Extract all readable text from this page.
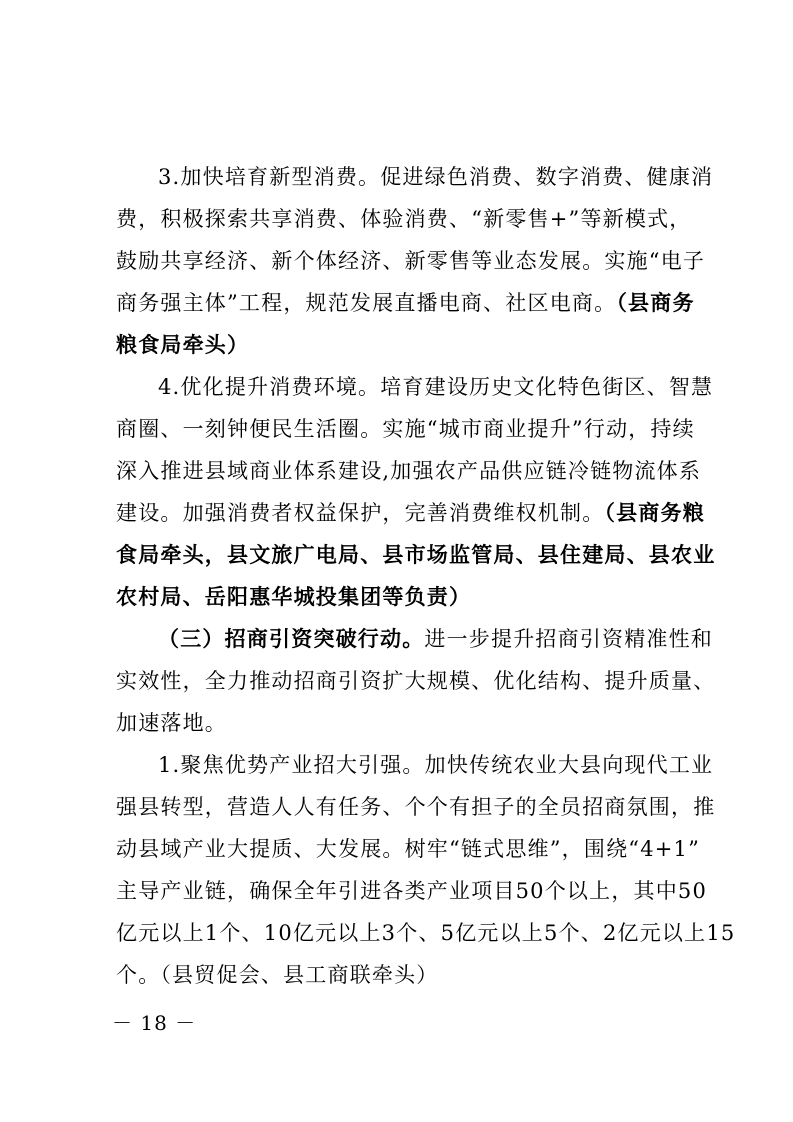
3.加快培育新型消费。促进绿色消费、数字消费、健康消
费，积极探索共享消费、体验消费、“新零售+”等新模式，
鼓励共享经济、新个体经济、新零售等业态发展。实施“电子
商务强主体”工程，规范发展直播电商、社区电商。（县商务
粮食局牵头）
4.优化提升消费环境。培育建设历史文化特色街区、智慧
商圈、一刻钟便民生活圈。实施“城市商业提升”行动，持续
深入推进县域商业体系建设,加强农产品供应链冷链物流体系
建设。加强消费者权益保护，完善消费维权机制。（县商务粮
食局牵头，县文旅广电局、县市场监管局、县住建局、县农业
农村局、岳阳惠华城投集团等负责）
（三）招商引资突破行动。进一步提升招商引资精准性和
实效性，全力推动招商引资扩大规模、优化结构、提升质量、
加速落地。
1.聚焦优势产业招大引强。加快传统农业大县向现代工业
强县转型，营造人人有任务、个个有担子的全员招商氛围，推
动县域产业大提质、大发展。树牢“链式思维”，围绕“4+1”
主导产业链，确保全年引进各类产业项目50个以上，其中50
亿元以上1个、10亿元以上3个、5亿元以上5个、2亿元以上15
个。（县贸促会、县工商联牵头）
－ 18 －
